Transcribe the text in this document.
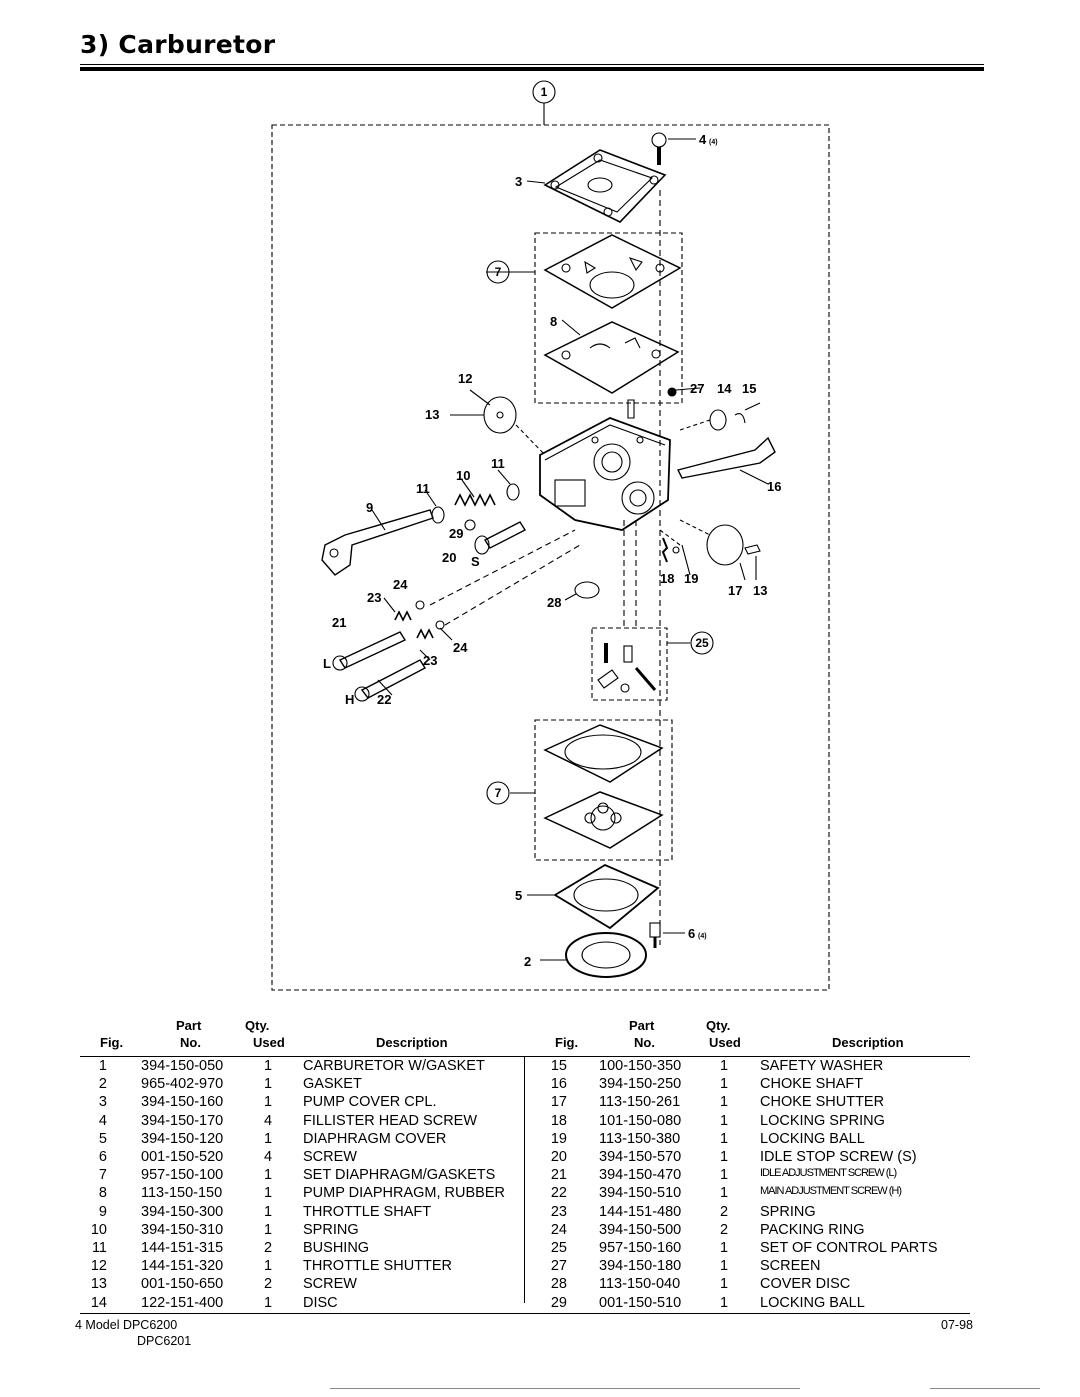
3) Carburetor
1
2
3
4 (4)
5
6 (4)
7
7
8
9
10
11
11
12
13
13
14 15
16
17
18 19
20 S
21
L
22
H
23
23
24
24	25
27
28
29
Part	Qty.
Fig.	No.	Used	Description
Part	Qty.
Fig.	No.	Used	Description
1 394-150-050	1 CARBURETOR W/GASKET
2 965-402-970	1 GASKET
3 394-150-160	1 PUMP COVER CPL.
4 394-150-170	4 FILLISTER HEAD SCREW
5 394-150-120	1 DIAPHRAGM COVER
6 001-150-520	4 SCREW
7 957-150-100	1 SET DIAPHRAGM/GASKETS
8 113-150-150	1 PUMP DIAPHRAGM, RUBBER
9 394-150-300	1 THROTTLE SHAFT
10 394-150-310	1 SPRING
11 144-151-315	2 BUSHING
12 144-151-320	1 THROTTLE SHUTTER
13 001-150-650	2 SCREW
14 122-151-400	1 DISC
15 100-150-350	1 SAFETY WASHER
16 394-150-250	1 CHOKE SHAFT
17 113-150-261	1 CHOKE SHUTTER
18 101-150-080	1 LOCKING SPRING
19 113-150-380	1 LOCKING BALL
20 394-150-570	1 IDLE STOP SCREW (S)
21 394-150-470	1	IDLE ADJUSTMENT SCREW (L)
22 394-150-510	1	MAIN ADJUSTMENT SCREW (H)
23 144-151-480	2 SPRING
24 394-150-500	2 PACKING RING
25 957-150-160	1 SET OF CONTROL PARTS
27 394-150-180	1 SCREEN
28 113-150-040	1 COVER DISC
29 001-150-510	1 LOCKING BALL
4 Model DPC6200
DPC6201
07-98
